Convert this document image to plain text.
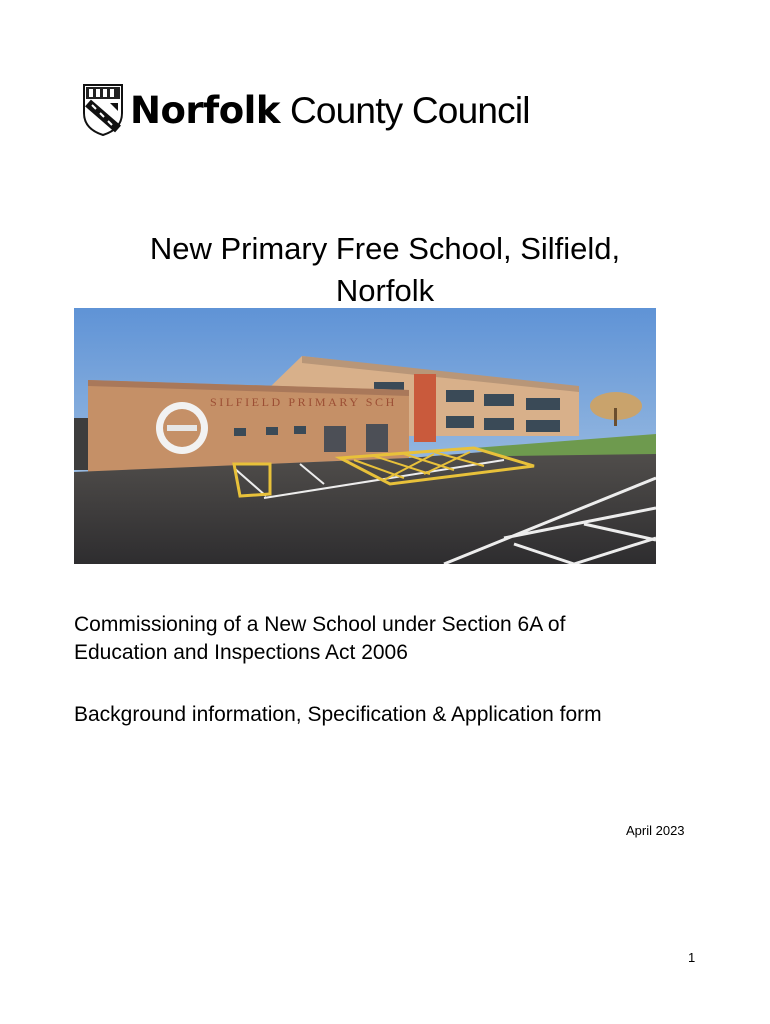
Norfolk County Council
New Primary Free School, Silfield,
Norfolk
SILFIELD PRIMARY SCH
Commissioning of a New School under Section 6A of
Education and Inspections Act 2006
Background information, Specification & Application form
April 2023
1
